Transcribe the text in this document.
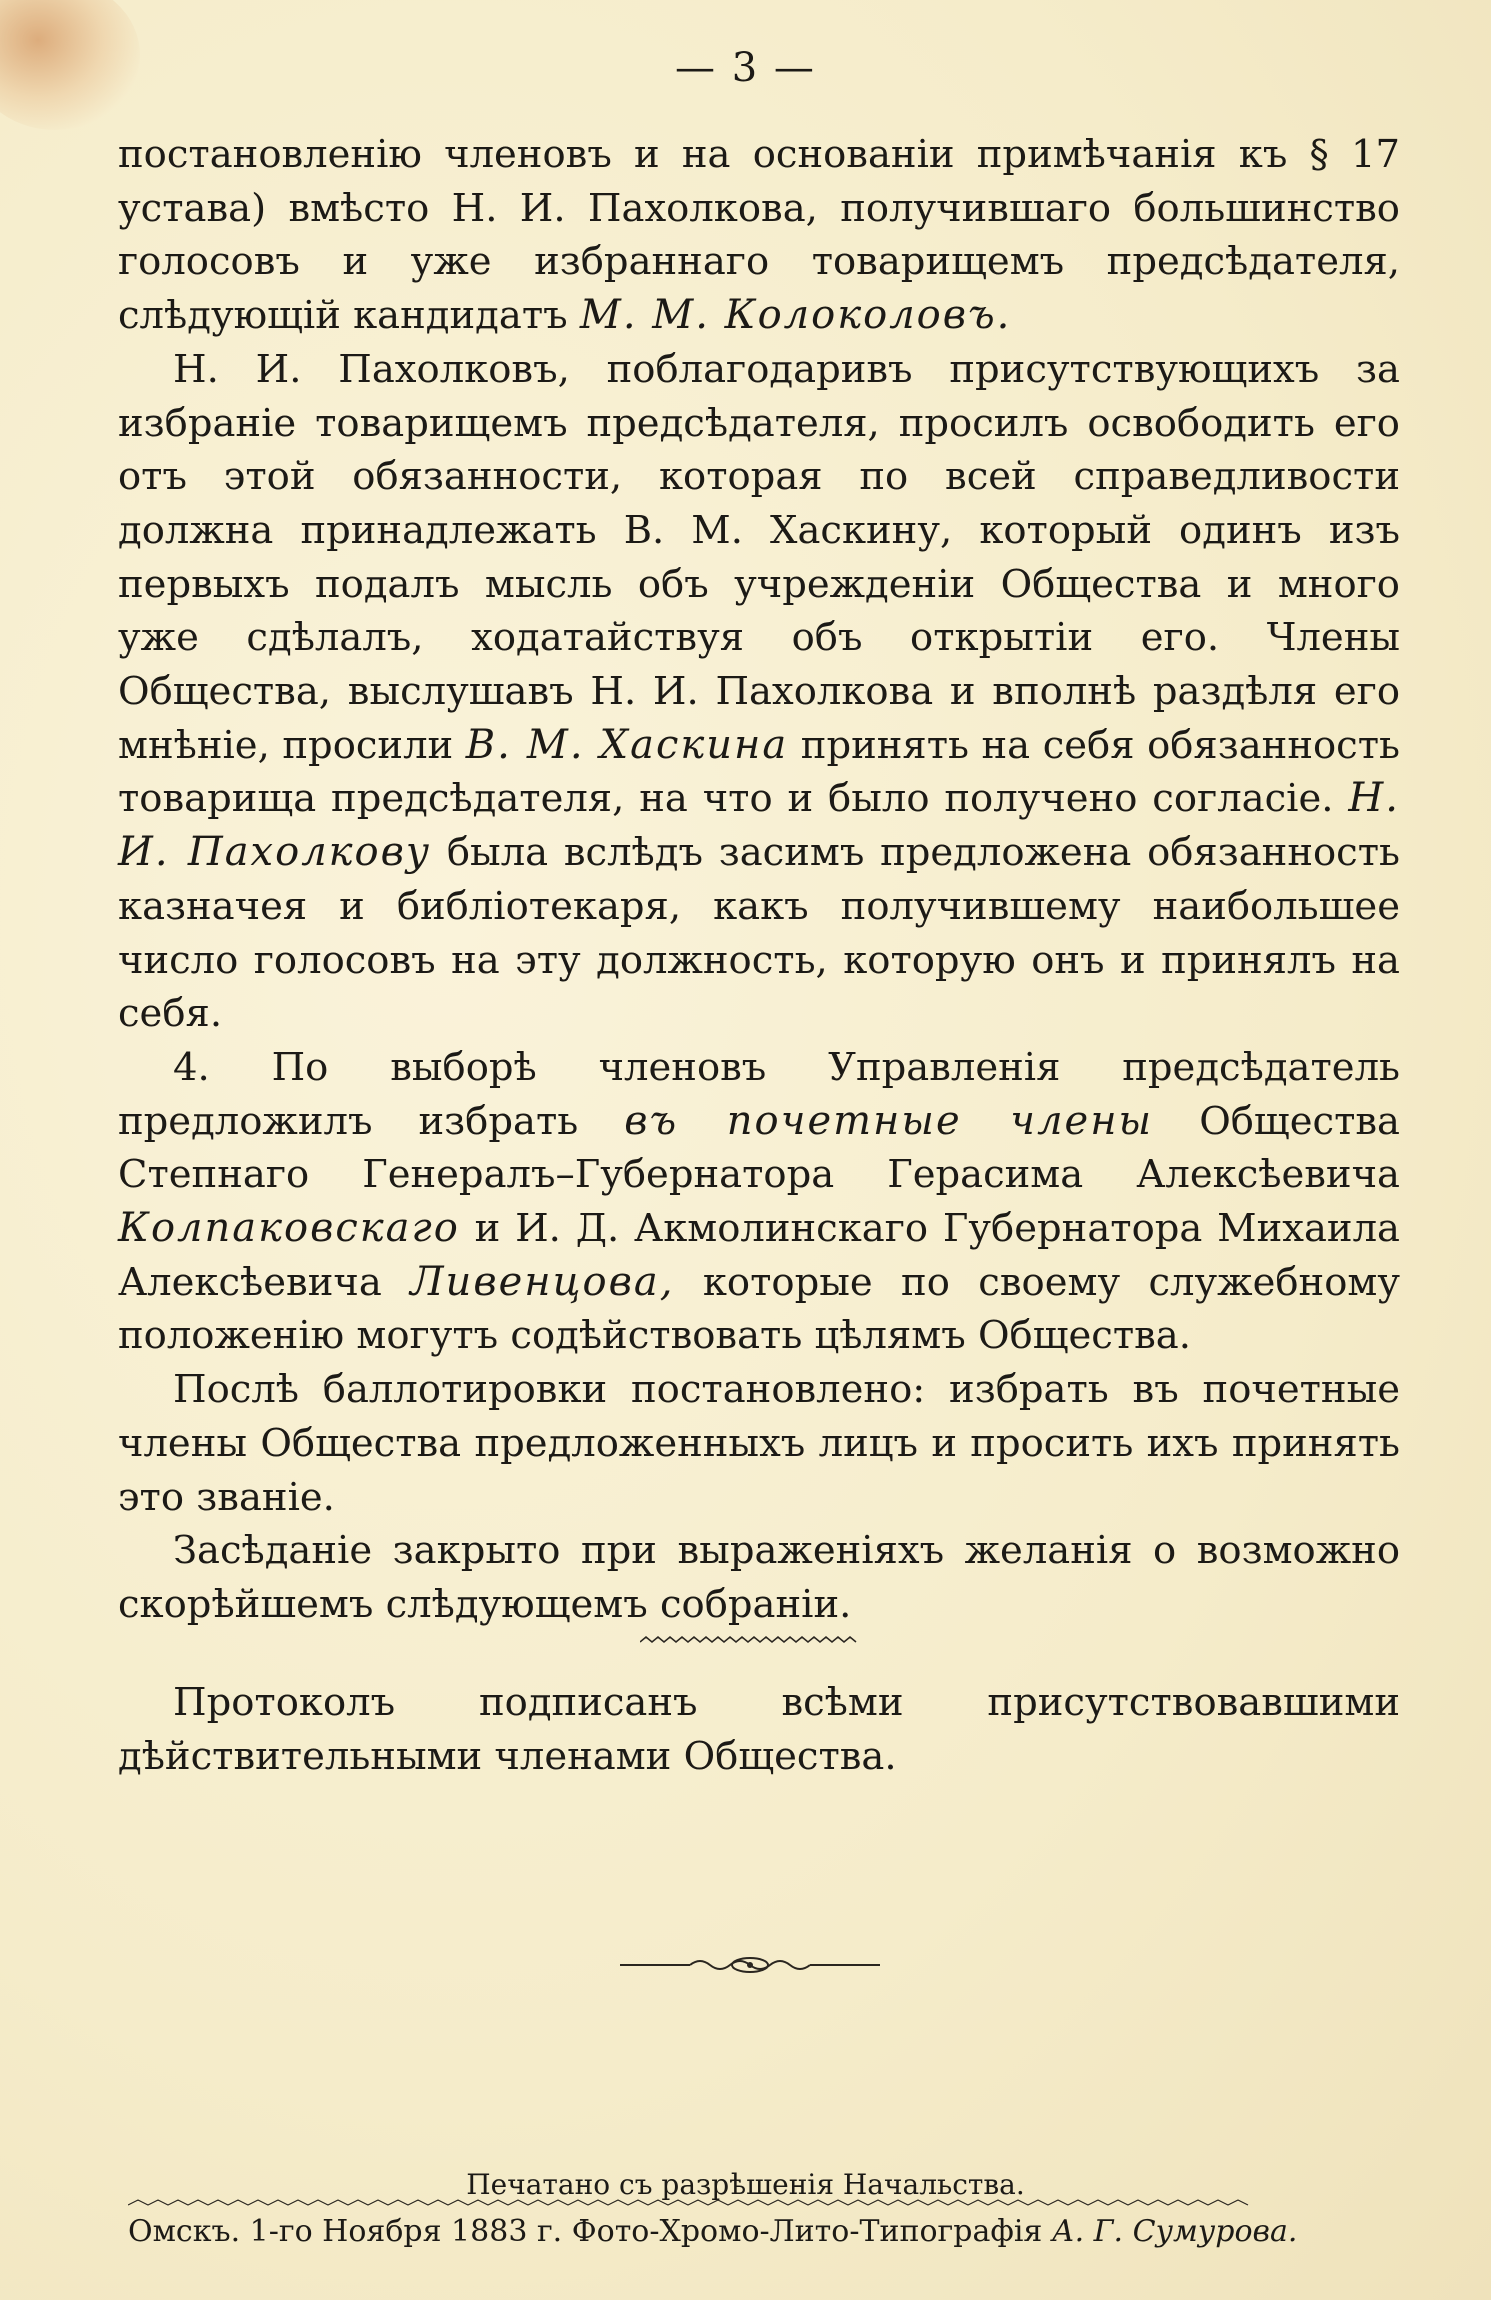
— 3 —

постановленію членовъ и на основаніи примѣчанія къ § 17 устава) вмѣсто Н. И. Пахолкова, получившаго большинство голосовъ и уже избраннаго товарищемъ предсѣдателя, слѣдующій кандидатъ М. М. Колоколовъ.

Н. И. Пахолковъ, поблагодаривъ присутствующихъ за избраніе товарищемъ предсѣдателя, просилъ освободить его отъ этой обязанности, которая по всей справедливости должна принадлежать В. М. Хаскину, который одинъ изъ первыхъ подалъ мысль объ учрежденіи Общества и много уже сдѣлалъ, ходатайствуя объ открытіи его. Члены Общества, выслушавъ Н. И. Пахолкова и вполнѣ раздѣля его мнѣніе, просили В. М. Хаскина принять на себя обязанность товарища предсѣдателя, на что и было получено согласіе. Н. И. Пахолкову была вслѣдъ засимъ предложена обязанность казначея и библіотекаря, какъ получившему наибольшее число голосовъ на эту должность, которую онъ и принялъ на себя.

4. По выборѣ членовъ Управленія предсѣдатель предложилъ избрать въ почетные члены Общества Степнаго Генералъ–Губернатора Герасима Алексѣевича Колпаковскаго и И. Д. Акмолинскаго Губернатора Михаила Алексѣевича Ливенцова, которые по своему служебному положенію могутъ содѣйствовать цѣлямъ Общества.

Послѣ баллотировки постановлено: избрать въ почетные члены Общества предложенныхъ лицъ и просить ихъ принять это званіе.

Засѣданіе закрыто при выраженіяхъ желанія о возможно скорѣйшемъ слѣдующемъ собраніи.

Протоколъ подписанъ всѣми присутствовавшими дѣйствительными членами Общества.

Печатано съ разрѣшенія Начальства.
Омскъ. 1-го Ноября 1883 г. Фото-Хромо-Лито-Типографія А. Г. Сумурова.
